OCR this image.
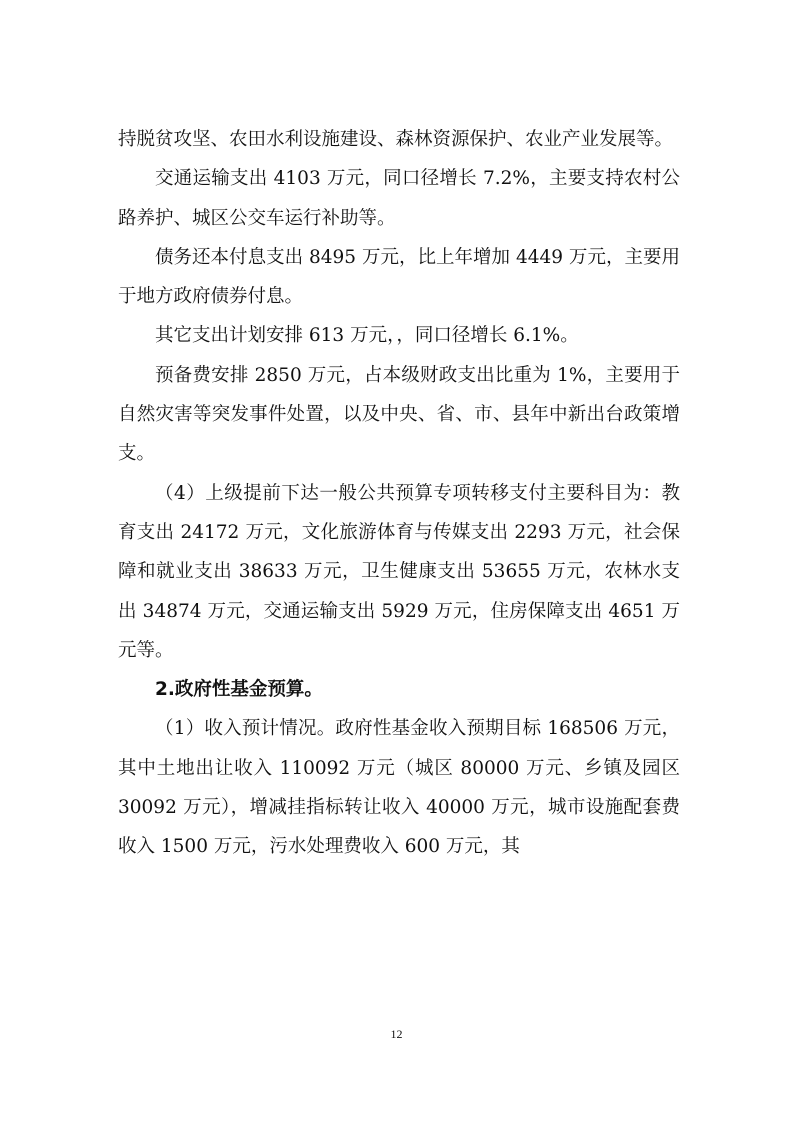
持脱贫攻坚、农田水利设施建设、森林资源保护、农业产业发展等。

交通运输支出 4103 万元，同口径增长 7.2%，主要支持农村公路养护、城区公交车运行补助等。

债务还本付息支出 8495 万元，比上年增加 4449 万元，主要用于地方政府债券付息。

其它支出计划安排 613 万元，，同口径增长 6.1%。

预备费安排 2850 万元，占本级财政支出比重为 1%，主要用于自然灾害等突发事件处置，以及中央、省、市、县年中新出台政策增支。

（4）上级提前下达一般公共预算专项转移支付主要科目为：教育支出 24172 万元，文化旅游体育与传媒支出 2293 万元，社会保障和就业支出 38633 万元，卫生健康支出 53655 万元，农林水支出 34874 万元，交通运输支出 5929 万元，住房保障支出 4651 万元等。

2.政府性基金预算。

（1）收入预计情况。政府性基金收入预期目标 168506 万元，其中土地出让收入 110092 万元（城区 80000 万元、乡镇及园区 30092 万元），增减挂指标转让收入 40000 万元，城市设施配套费收入 1500 万元，污水处理费收入 600 万元，其

12
